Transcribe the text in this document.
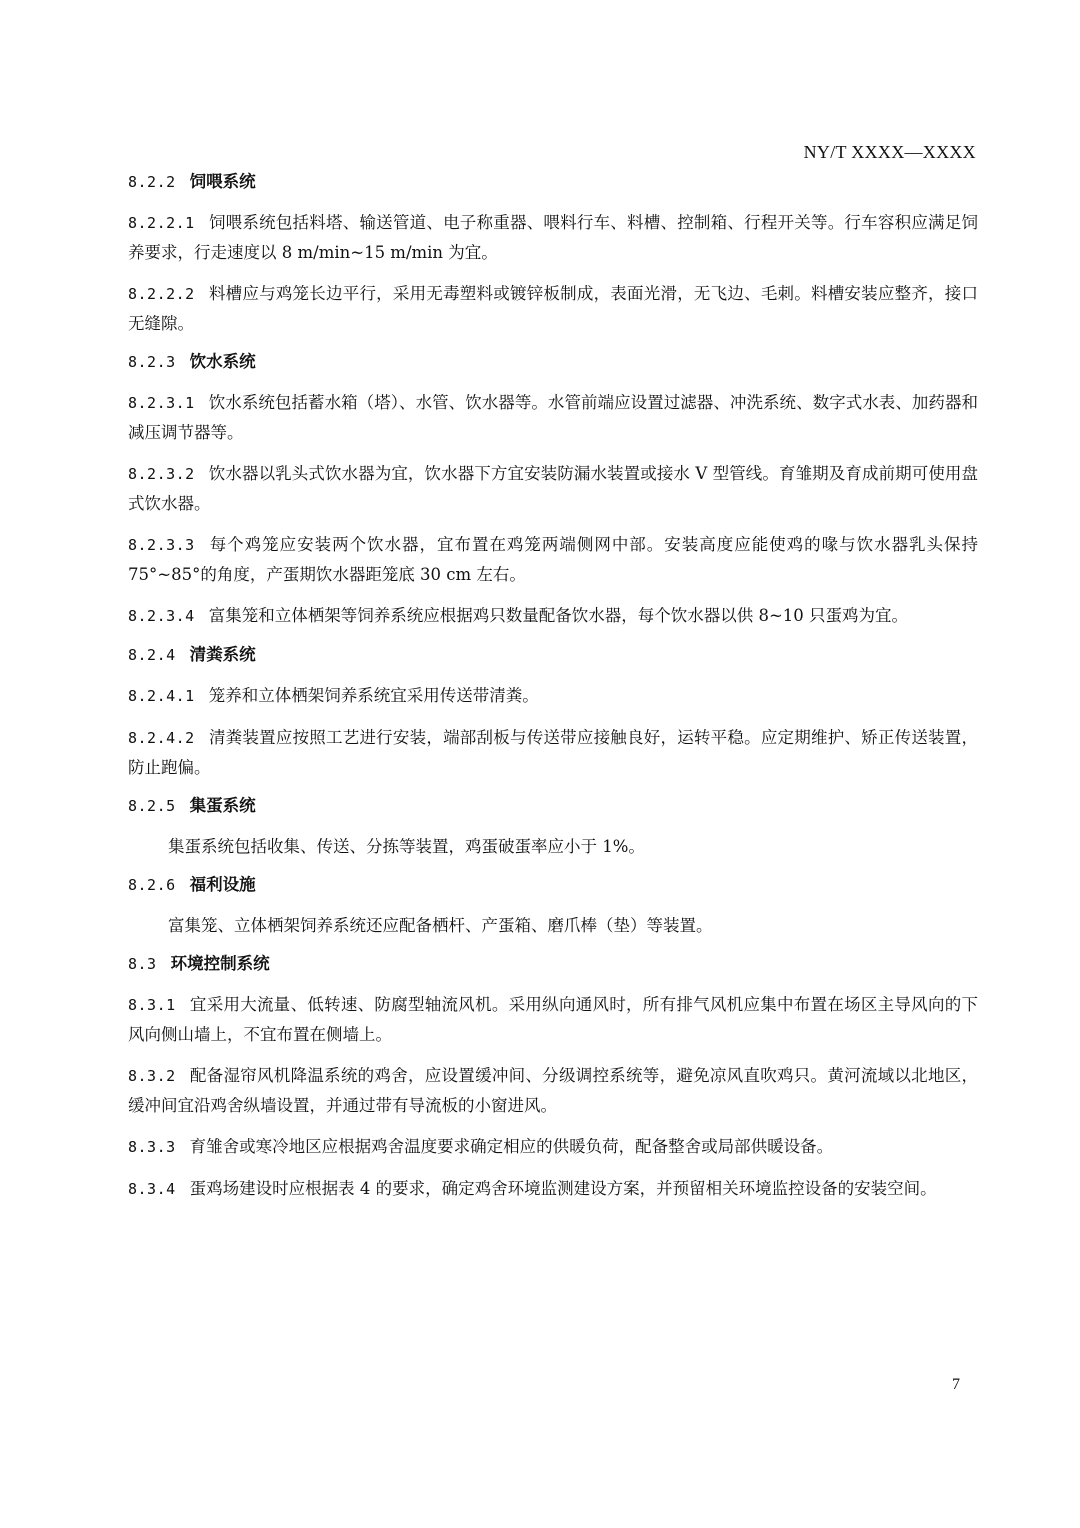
NY/T XXXX—XXXX

8.2.2 饲喂系统

8.2.2.1 饲喂系统包括料塔、输送管道、电子称重器、喂料行车、料槽、控制箱、行程开关等。行车容积应满足饲养要求，行走速度以 8 m/min~15 m/min 为宜。

8.2.2.2 料槽应与鸡笼长边平行，采用无毒塑料或镀锌板制成，表面光滑，无飞边、毛刺。料槽安装应整齐，接口无缝隙。

8.2.3 饮水系统

8.2.3.1 饮水系统包括蓄水箱（塔）、水管、饮水器等。水管前端应设置过滤器、冲洗系统、数字式水表、加药器和减压调节器等。

8.2.3.2 饮水器以乳头式饮水器为宜，饮水器下方宜安装防漏水装置或接水 V 型管线。育雏期及育成前期可使用盘式饮水器。

8.2.3.3 每个鸡笼应安装两个饮水器，宜布置在鸡笼两端侧网中部。安装高度应能使鸡的喙与饮水器乳头保持 75°~85°的角度，产蛋期饮水器距笼底 30 cm 左右。

8.2.3.4 富集笼和立体栖架等饲养系统应根据鸡只数量配备饮水器，每个饮水器以供 8~10 只蛋鸡为宜。

8.2.4 清粪系统

8.2.4.1 笼养和立体栖架饲养系统宜采用传送带清粪。

8.2.4.2 清粪装置应按照工艺进行安装，端部刮板与传送带应接触良好，运转平稳。应定期维护、矫正传送装置，防止跑偏。

8.2.5 集蛋系统

集蛋系统包括收集、传送、分拣等装置，鸡蛋破蛋率应小于 1%。

8.2.6 福利设施

富集笼、立体栖架饲养系统还应配备栖杆、产蛋箱、磨爪棒（垫）等装置。

8.3 环境控制系统

8.3.1 宜采用大流量、低转速、防腐型轴流风机。采用纵向通风时，所有排气风机应集中布置在场区主导风向的下风向侧山墙上，不宜布置在侧墙上。

8.3.2 配备湿帘风机降温系统的鸡舍，应设置缓冲间、分级调控系统等，避免凉风直吹鸡只。黄河流域以北地区，缓冲间宜沿鸡舍纵墙设置，并通过带有导流板的小窗进风。

8.3.3 育雏舍或寒冷地区应根据鸡舍温度要求确定相应的供暖负荷，配备整舍或局部供暖设备。

8.3.4 蛋鸡场建设时应根据表 4 的要求，确定鸡舍环境监测建设方案，并预留相关环境监控设备的安装空间。

7
